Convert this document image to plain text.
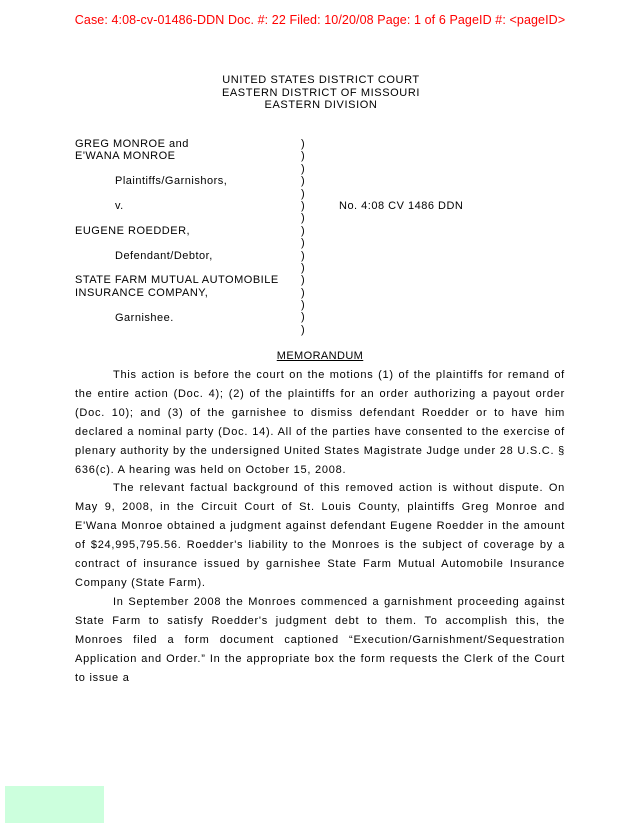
Case: 4:08-cv-01486-DDN Doc. #: 22 Filed: 10/20/08 Page: 1 of 6 PageID #: <pageID>
UNITED STATES DISTRICT COURT
EASTERN DISTRICT OF MISSOURI
EASTERN DIVISION
GREG MONROE and
E'WANA MONROE
Plaintiffs/Garnishors,
v.	No. 4:08 CV 1486 DDN
EUGENE ROEDDER,
Defendant/Debtor,
STATE FARM MUTUAL AUTOMOBILE
INSURANCE COMPANY,
Garnishee.
)
)
)
)
)
)
)
)
)
)
)
)
)
)
)
)
MEMORANDUM

This action is before the court on the motions (1) of the plaintiffs for remand of the entire action (Doc. 4); (2) of the plaintiffs for an order authorizing a payout order (Doc. 10); and (3) of the garnishee to dismiss defendant Roedder or to have him declared a nominal party (Doc. 14). All of the parties have consented to the exercise of plenary authority by the undersigned United States Magistrate Judge under 28 U.S.C. § 636(c). A hearing was held on October 15, 2008.

The relevant factual background of this removed action is without dispute. On May 9, 2008, in the Circuit Court of St. Louis County, plaintiffs Greg Monroe and E'Wana Monroe obtained a judgment against defendant Eugene Roedder in the amount of $24,995,795.56. Roedder's liability to the Monroes is the subject of coverage by a contract of insurance issued by garnishee State Farm Mutual Automobile Insurance Company (State Farm).

In September 2008 the Monroes commenced a garnishment proceeding against State Farm to satisfy Roedder's judgment debt to them. To accomplish this, the Monroes filed a form document captioned “Execution/Garnishment/Sequestration Application and Order.” In the appropriate box the form requests the Clerk of the Court to issue a
